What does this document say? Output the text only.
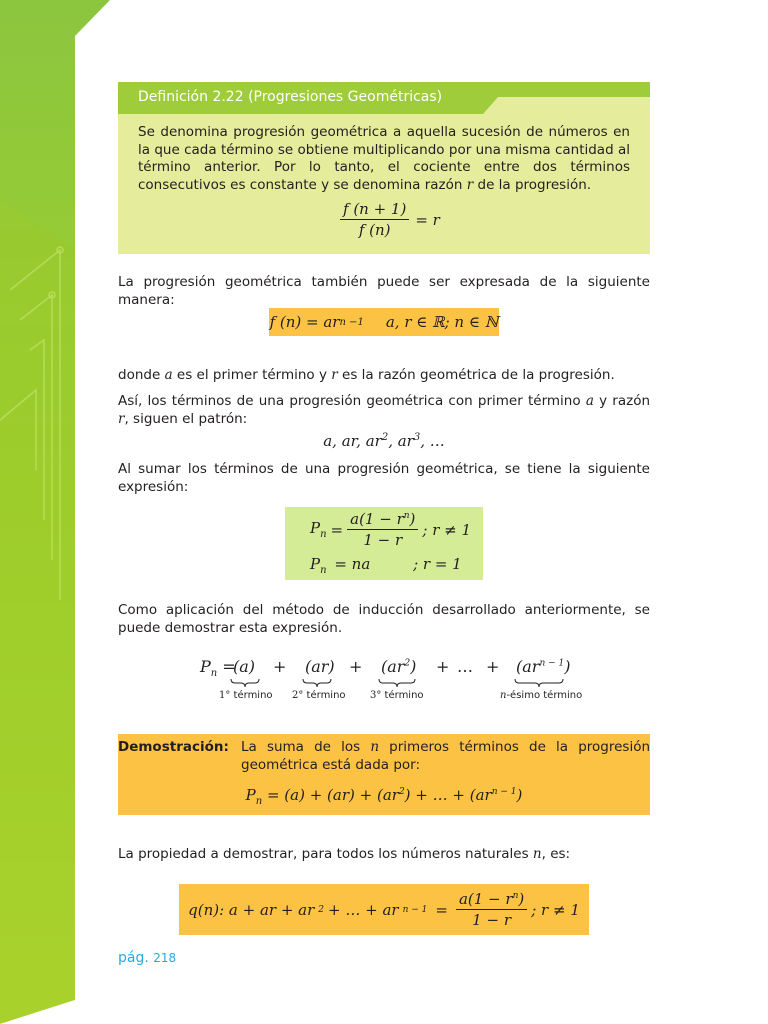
Definición 2.22 (Progresiones Geométricas)
Se denomina progresión geométrica a aquella sucesión de números en la que cada término se obtiene multiplicando por una misma cantidad al término anterior. Por lo tanto, el cociente entre dos términos consecutivos es constante y se denomina razón r de la progresión.
$\frac{f (n + 1)}{f (n)} = r$
La progresión geométrica también puede ser expresada de la siguiente manera:
f (n) = ar n −1 a, r ∈ ℝ; n ∈ ℕ
donde a es el primer término y r es la razón geométrica de la progresión.
Así, los términos de una progresión geométrica con primer término a y razón r, siguen el patrón:
a, ar, $ar^2$, $ar^3$, …
Al sumar los términos de una progresión geométrica, se tiene la siguiente expresión:
$P_n = \frac{a(1 - r^n)}{1 - r}$ ; r ≠ 1
$P_n$ = na	; r = 1
Como aplicación del método de inducción desarrollado anteriormente, se puede demostrar esta expresión.
$P_n$ =
$(a) + (ar) + (ar^2)$ + … + $(ar^{n - 1})$
1° término 2° término 3° término	n-ésimo término
Demostración: La suma de los n primeros términos de la progresión geométrica está dada por:
$P_n = (a) + (ar) + (ar^2)$ + … + $(ar^{n - 1})$
La propiedad a demostrar, para todos los números naturales n, es:
q(n): a + ar + ar 2 + … + ar $n - 1 = \frac{a(1 - r^n)}{1 - r}$ ; r ≠ 1
pág. 218
